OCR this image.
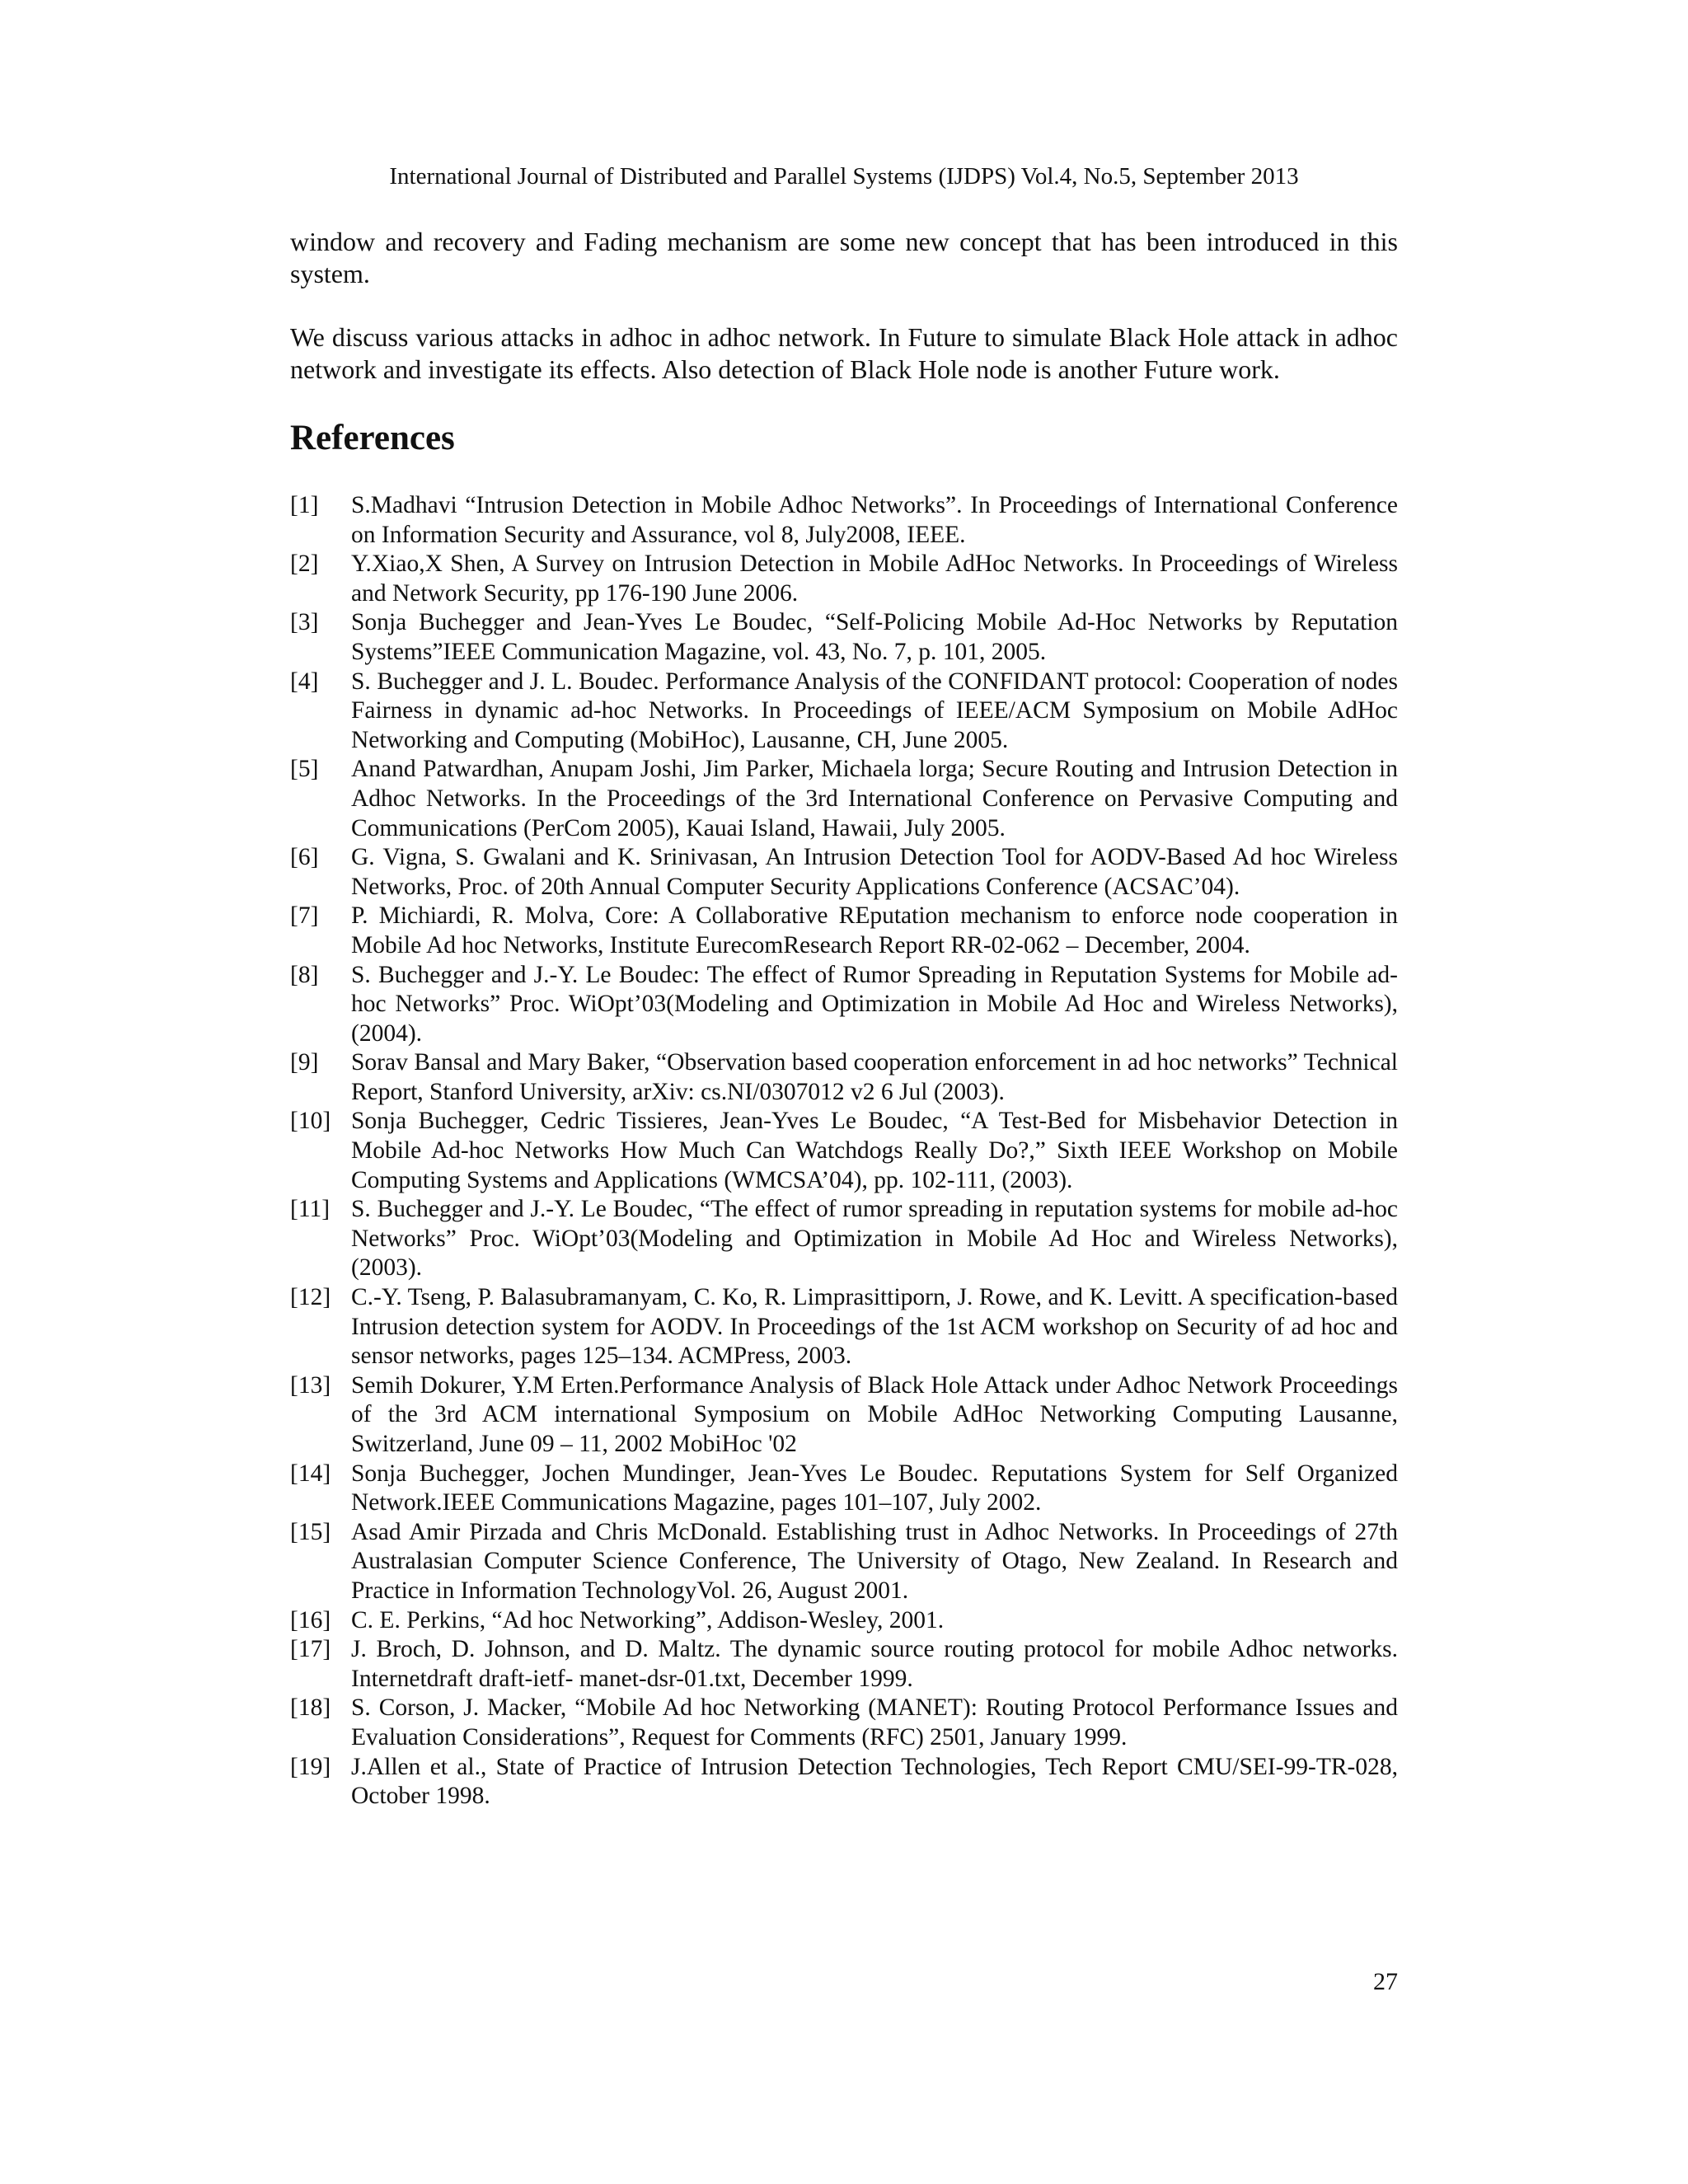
International Journal of Distributed and Parallel Systems (IJDPS) Vol.4, No.5, September 2013

window and recovery and Fading mechanism are some new concept that has been introduced in this system.

We discuss various attacks in adhoc in adhoc network. In Future to simulate Black Hole attack in adhoc network and investigate its effects. Also detection of Black Hole node is another Future work.

References
[1] S.Madhavi “Intrusion Detection in Mobile Adhoc Networks”. In Proceedings of International Conference on Information Security and Assurance, vol 8, July2008, IEEE.
[2] Y.Xiao,X Shen, A Survey on Intrusion Detection in Mobile AdHoc Networks. In Proceedings of Wireless and Network Security, pp 176-190 June 2006.
[3] Sonja Buchegger and Jean-Yves Le Boudec, “Self-Policing Mobile Ad-Hoc Networks by Reputation Systems”IEEE Communication Magazine, vol. 43, No. 7, p. 101, 2005.
[4] S. Buchegger and J. L. Boudec. Performance Analysis of the CONFIDANT protocol: Cooperation of nodes Fairness in dynamic ad-hoc Networks. In Proceedings of IEEE/ACM Symposium on Mobile AdHoc Networking and Computing (MobiHoc), Lausanne, CH, June 2005.
[5] Anand Patwardhan, Anupam Joshi, Jim Parker, Michaela lorga; Secure Routing and Intrusion Detection in Adhoc Networks. In the Proceedings of the 3rd International Conference on Pervasive Computing and Communications (PerCom 2005), Kauai Island, Hawaii, July 2005.
[6] G. Vigna, S. Gwalani and K. Srinivasan, An Intrusion Detection Tool for AODV-Based Ad hoc Wireless Networks, Proc. of 20th Annual Computer Security Applications Conference (ACSAC’04).
[7] P. Michiardi, R. Molva, Core: A Collaborative REputation mechanism to enforce node cooperation in Mobile Ad hoc Networks, Institute EurecomResearch Report RR-02-062 – December, 2004.
[8] S. Buchegger and J.-Y. Le Boudec: The effect of Rumor Spreading in Reputation Systems for Mobile ad-hoc Networks” Proc. WiOpt’03(Modeling and Optimization in Mobile Ad Hoc and Wireless Networks), (2004).
[9] Sorav Bansal and Mary Baker, “Observation based cooperation enforcement in ad hoc networks” Technical Report, Stanford University, arXiv: cs.NI/0307012 v2 6 Jul (2003).
[10] Sonja Buchegger, Cedric Tissieres, Jean-Yves Le Boudec, “A Test-Bed for Misbehavior Detection in Mobile Ad-hoc Networks How Much Can Watchdogs Really Do?,” Sixth IEEE Workshop on Mobile Computing Systems and Applications (WMCSA’04), pp. 102-111, (2003).
[11] S. Buchegger and J.-Y. Le Boudec, “The effect of rumor spreading in reputation systems for mobile ad-hoc Networks” Proc. WiOpt’03(Modeling and Optimization in Mobile Ad Hoc and Wireless Networks), (2003).
[12] C.-Y. Tseng, P. Balasubramanyam, C. Ko, R. Limprasittiporn, J. Rowe, and K. Levitt. A specification-based Intrusion detection system for AODV. In Proceedings of the 1st ACM workshop on Security of ad hoc and sensor networks, pages 125–134. ACMPress, 2003.
[13] Semih Dokurer, Y.M Erten.Performance Analysis of Black Hole Attack under Adhoc Network Proceedings of the 3rd ACM international Symposium on Mobile AdHoc Networking Computing Lausanne, Switzerland, June 09 – 11, 2002 MobiHoc '02
[14] Sonja Buchegger, Jochen Mundinger, Jean-Yves Le Boudec. Reputations System for Self Organized Network.IEEE Communications Magazine, pages 101–107, July 2002.
[15] Asad Amir Pirzada and Chris McDonald. Establishing trust in Adhoc Networks. In Proceedings of 27th Australasian Computer Science Conference, The University of Otago, New Zealand. In Research and Practice in Information TechnologyVol. 26, August 2001.
[16] C. E. Perkins, “Ad hoc Networking”, Addison-Wesley, 2001.
[17] J. Broch, D. Johnson, and D. Maltz. The dynamic source routing protocol for mobile Adhoc networks. Internetdraft draft-ietf- manet-dsr-01.txt, December 1999.
[18] S. Corson, J. Macker, “Mobile Ad hoc Networking (MANET): Routing Protocol Performance Issues and Evaluation Considerations”, Request for Comments (RFC) 2501, January 1999.
[19] J.Allen et al., State of Practice of Intrusion Detection Technologies, Tech Report CMU/SEI-99-TR-028, October 1998.
27
